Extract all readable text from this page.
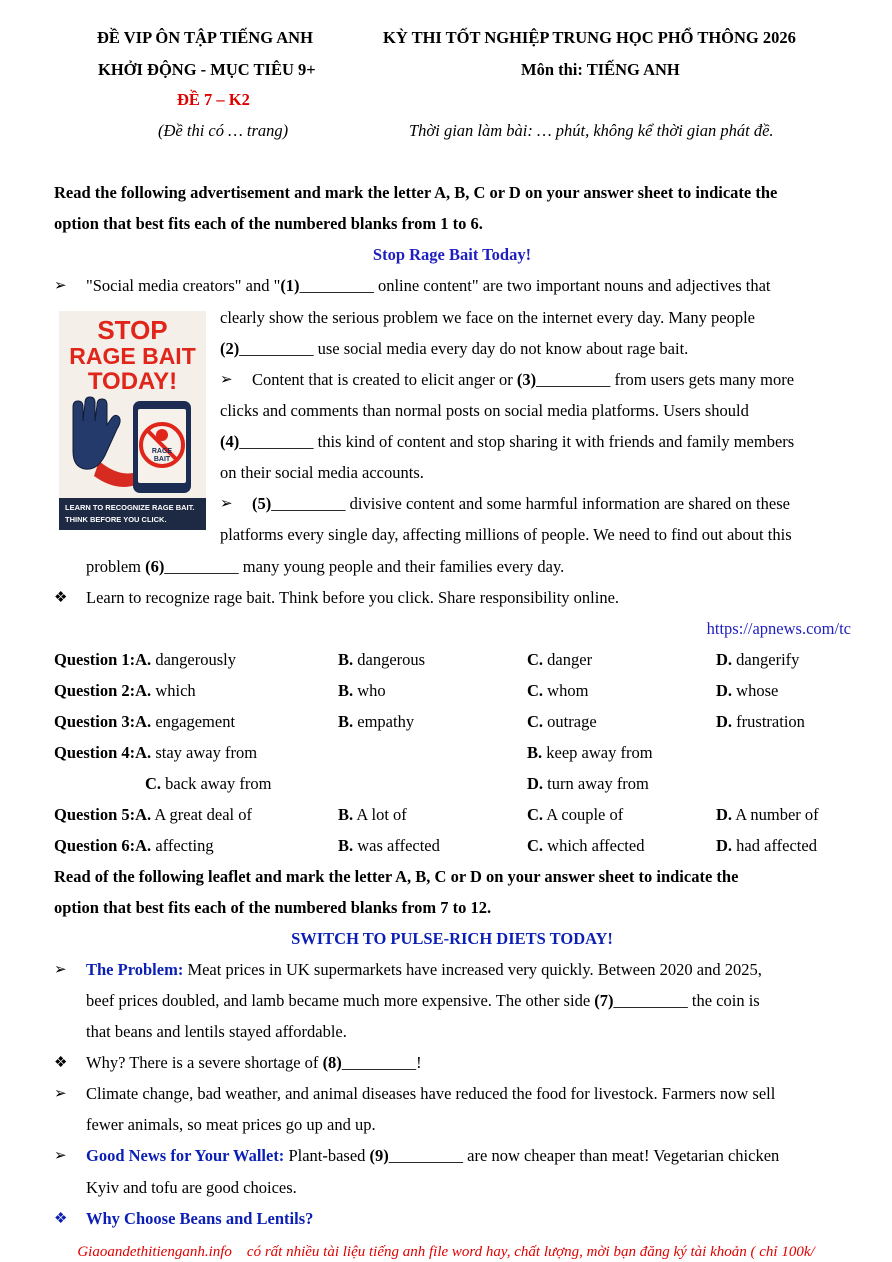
ĐỀ VIP ÔN TẬP TIẾNG ANH
KHỞI ĐỘNG - MỤC TIÊU 9+
ĐỀ 7 – K2
(Đề thi có … trang)
KỲ THI TỐT NGHIỆP TRUNG HỌC PHỔ THÔNG 2026
Môn thi: TIẾNG ANH
Thời gian làm bài: … phút, không kể thời gian phát đề.
Read the following advertisement and mark the letter A, B, C or D on your answer sheet to indicate the
option that best fits each of the numbered blanks from 1 to 6.
Stop Rage Bait Today!
➢ "Social media creators" and "(1)_________ online content" are two important nouns and adjectives that
clearly show the serious problem we face on the internet every day. Many people
(2)_________ use social media every day do not know about rage bait.
STOP
RAGE BAIT
TODAY!
RAGE BAIT
LEARN TO RECOGNIZE RAGE BAIT.
THINK BEFORE YOU CLICK.
➢ Content that is created to elicit anger or (3)_________ from users gets many more
clicks and comments than normal posts on social media platforms. Users should
(4)_________ this kind of content and stop sharing it with friends and family members
on their social media accounts.
➢ (5)_________ divisive content and some harmful information are shared on these
platforms every single day, affecting millions of people. We need to find out about this
problem (6)_________ many young people and their families every day.
❖ Learn to recognize rage bait. Think before you click. Share responsibility online.
https://apnews.com/tc
Question 1:A. dangerously	B. dangerous	C. danger	D. dangerify
Question 2:A. which	B. who	C. whom	D. whose
Question 3:A. engagement	B. empathy	C. outrage	D. frustration
Question 4:A. stay away from	B. keep away from
C. back away from	D. turn away from
Question 5:A. A great deal of	B. A lot of	C. A couple of	D. A number of
Question 6:A. affecting	B. was affected	C. which affected	D. had affected
Read of the following leaflet and mark the letter A, B, C or D on your answer sheet to indicate the
option that best fits each of the numbered blanks from 7 to 12.
SWITCH TO PULSE-RICH DIETS TODAY!
➢ The Problem: Meat prices in UK supermarkets have increased very quickly. Between 2020 and 2025,
beef prices doubled, and lamb became much more expensive. The other side (7)_________ the coin is
that beans and lentils stayed affordable.
❖ Why? There is a severe shortage of (8)_________!
➢ Climate change, bad weather, and animal diseases have reduced the food for livestock. Farmers now sell
fewer animals, so meat prices go up and up.
➢ Good News for Your Wallet: Plant-based (9)_________ are now cheaper than meat! Vegetarian chicken
Kyiv and tofu are good choices.
❖ Why Choose Beans and Lentils?
Giaoandethitienganh.info có rất nhiều tài liệu tiếng anh file word hay, chất lượng, mời bạn đăng ký tài khoản ( chỉ 100k/
